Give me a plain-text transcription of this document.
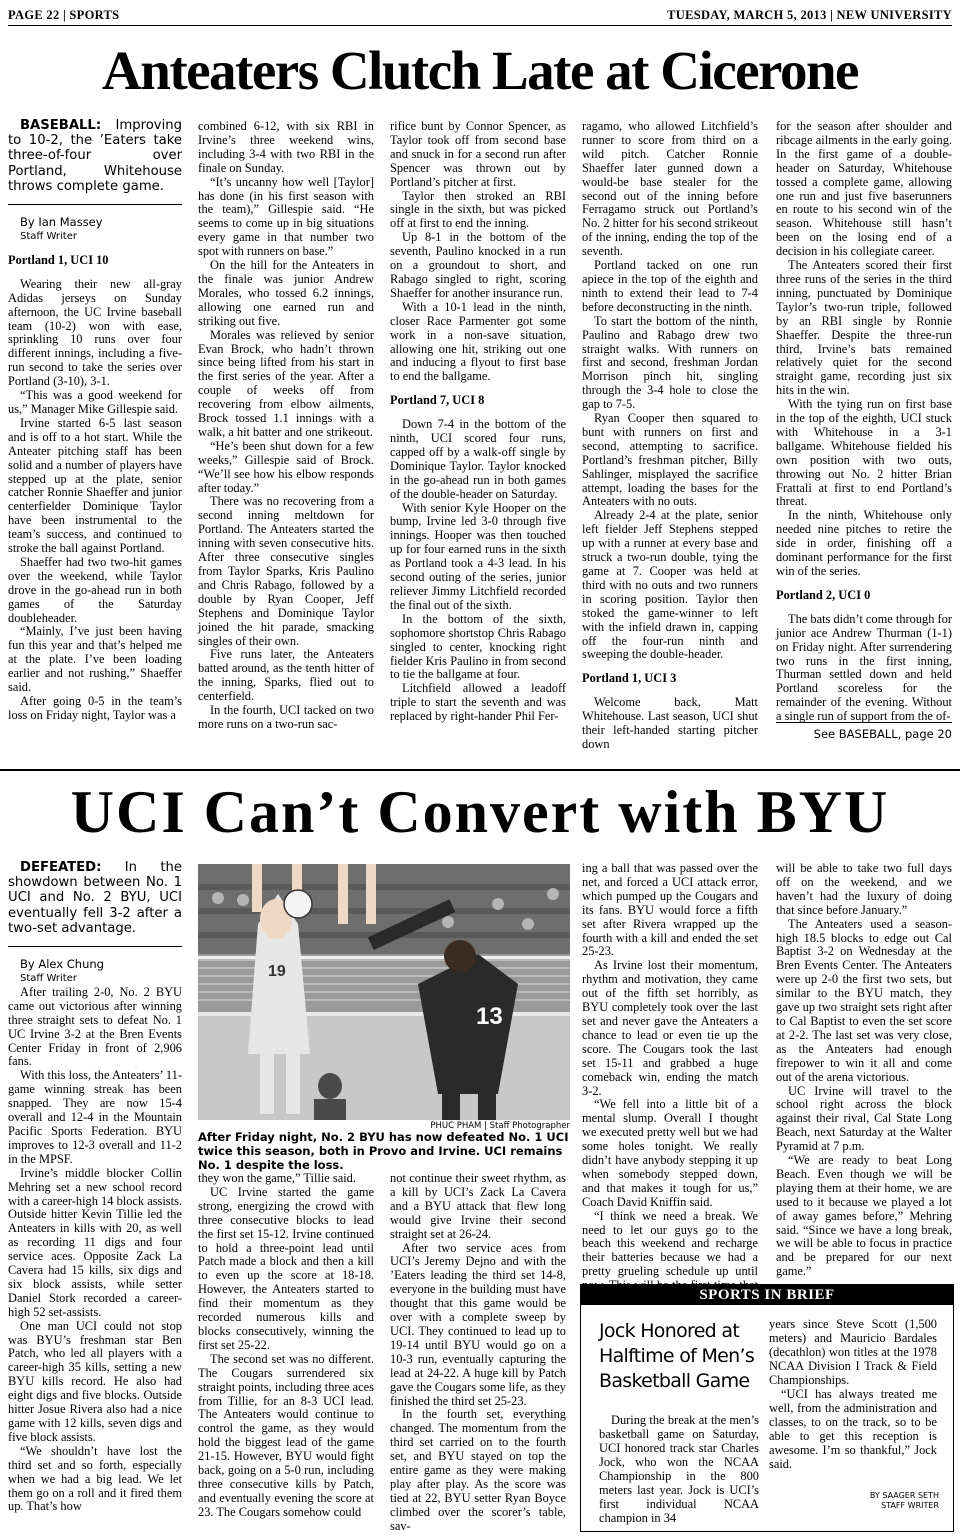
PAGE 22 | SPORTS	TUESDAY, MARCH 5, 2013 | NEW UNIVERSITY
Anteaters Clutch Late at Cicerone

BASEBALL: Improving to 10-2, the ’Eaters take three-of-four over Portland, Whitehouse throws complete game.

By Ian Massey

Staff Writer

Portland 1, UCI 10

Wearing their new all-gray Adidas jerseys on Sunday afternoon, the UC Irvine baseball team (10-2) won with ease, sprinkling 10 runs over four different innings, including a five-run second to take the series over Portland (3-10), 3-1.

“This was a good weekend for us,” Manager Mike Gillespie said.

Irvine started 6-5 last season and is off to a hot start. While the Anteater pitching staff has been solid and a number of players have stepped up at the plate, senior catcher Ronnie Shaeffer and junior centerfielder Dominique Taylor have been instrumental to the team’s success, and continued to stroke the ball against Portland.

Shaeffer had two two-hit games over the weekend, while Taylor drove in the go-ahead run in both games of the Saturday doubleheader.

“Mainly, I’ve just been having fun this year and that’s helped me at the plate. I’ve been loading earlier and not rushing,” Shaeffer said.

After going 0-5 in the team’s loss on Friday night, Taylor was a

combined 6-12, with six RBI in Irvine’s three weekend wins, including 3-4 with two RBI in the finale on Sunday.

“It’s uncanny how well [Taylor] has done (in his first season with the team),” Gillespie said. “He seems to come up in big situations every game in that number two spot with runners on base.”

On the hill for the Anteaters in the finale was junior Andrew Morales, who tossed 6.2 innings, allowing one earned run and striking out five.

Morales was relieved by senior Evan Brock, who hadn’t thrown since being lifted from his start in the first series of the year. After a couple of weeks off from recovering from elbow ailments, Brock tossed 1.1 innings with a walk, a hit batter and one strikeout.

“He’s been shut down for a few weeks,” Gillespie said of Brock. “We’ll see how his elbow responds after today.”

There was no recovering from a second inning meltdown for Portland. The Anteaters started the inning with seven consecutive hits. After three consecutive singles from Taylor Sparks, Kris Paulino and Chris Rabago, followed by a double by Ryan Cooper, Jeff Stephens and Dominique Taylor joined the hit parade, smacking singles of their own.

Five runs later, the Anteaters batted around, as the tenth hitter of the inning, Sparks, flied out to centerfield.

In the fourth, UCI tacked on two more runs on a two-run sac-

rifice bunt by Connor Spencer, as Taylor took off from second base and snuck in for a second run after Spencer was thrown out by Portland’s pitcher at first.

Taylor then stroked an RBI single in the sixth, but was picked off at first to end the inning.

Up 8-1 in the bottom of the seventh, Paulino knocked in a run on a groundout to short, and Rabago singled to right, scoring Shaeffer for another insurance run.

With a 10-1 lead in the ninth, closer Race Parmenter got some work in a non-save situation, allowing one hit, striking out one and inducing a flyout to first base to end the ballgame.

Portland 7, UCI 8

Down 7-4 in the bottom of the ninth, UCI scored four runs, capped off by a walk-off single by Dominique Taylor. Taylor knocked in the go-ahead run in both games of the double-header on Saturday.

With senior Kyle Hooper on the bump, Irvine led 3-0 through five innings. Hooper was then touched up for four earned runs in the sixth as Portland took a 4-3 lead. In his second outing of the series, junior reliever Jimmy Litchfield recorded the final out of the sixth.

In the bottom of the sixth, sophomore shortstop Chris Rabago singled to center, knocking right fielder Kris Paulino in from second to tie the ballgame at four.

Litchfield allowed a leadoff triple to start the seventh and was replaced by right-hander Phil Fer-

ragamo, who allowed Litchfield’s runner to score from third on a wild pitch. Catcher Ronnie Shaeffer later gunned down a would-be base stealer for the second out of the inning before Ferragamo struck out Portland’s No. 2 hitter for his second strikeout of the inning, ending the top of the seventh.

Portland tacked on one run apiece in the top of the eighth and ninth to extend their lead to 7-4 before deconstructing in the ninth.

To start the bottom of the ninth, Paulino and Rabago drew two straight walks. With runners on first and second, freshman Jordan Morrison pinch hit, singling through the 3-4 hole to close the gap to 7-5.

Ryan Cooper then squared to bunt with runners on first and second, attempting to sacrifice. Portland’s freshman pitcher, Billy Sahlinger, misplayed the sacrifice attempt, loading the bases for the Anteaters with no outs.

Already 2-4 at the plate, senior left fielder Jeff Stephens stepped up with a runner at every base and struck a two-run double, tying the game at 7. Cooper was held at third with no outs and two runners in scoring position. Taylor then stoked the game-winner to left with the infield drawn in, capping off the four-run ninth and sweeping the double-header.

Portland 1, UCI 3

Welcome back, Matt Whitehouse. Last season, UCI shut their left-handed starting pitcher down

for the season after shoulder and ribcage ailments in the early going. In the first game of a double-header on Saturday, Whitehouse tossed a complete game, allowing one run and just five baserunners en route to his second win of the season. Whitehouse still hasn’t been on the losing end of a decision in his collegiate career.

The Anteaters scored their first three runs of the series in the third inning, punctuated by Dominique Taylor’s two-run triple, followed by an RBI single by Ronnie Shaeffer. Despite the three-run third, Irvine’s bats remained relatively quiet for the second straight game, recording just six hits in the win.

With the tying run on first base in the top of the eighth, UCI stuck with Whitehouse in a 3-1 ballgame. Whitehouse fielded his own position with two outs, throwing out No. 2 hitter Brian Frattali at first to end Portland’s threat.

In the ninth, Whitehouse only needed nine pitches to retire the side in order, finishing off a dominant performance for the first win of the series.

Portland 2, UCI 0

The bats didn’t come through for junior ace Andrew Thurman (1-1) on Friday night. After surrendering two runs in the first inning, Thurman settled down and held Portland scoreless for the remainder of the evening. Without a single run of support from the of-

See BASEBALL, page 20
UCI Can’t Convert with BYU

DEFEATED: In the showdown between No. 1 UCI and No. 2 BYU, UCI eventually fell 3-2 after a two-set advantage.

By Alex Chung

Staff Writer

After trailing 2-0, No. 2 BYU came out victorious after winning three straight sets to defeat No. 1 UC Irvine 3-2 at the Bren Events Center Friday in front of 2,906 fans.

With this loss, the Anteaters’ 11-game winning streak has been snapped. They are now 15-4 overall and 12-4 in the Mountain Pacific Sports Federation. BYU improves to 12-3 overall and 11-2 in the MPSF.

Irvine’s middle blocker Collin Mehring set a new school record with a career-high 14 block assists. Outside hitter Kevin Tillie led the Anteaters in kills with 20, as well as recording 11 digs and four service aces. Opposite Zack La Cavera had 15 kills, six digs and six block assists, while setter Daniel Stork recorded a career-high 52 set-assists.

One man UCI could not stop was BYU’s freshman star Ben Patch, who led all players with a career-high 35 kills, setting a new BYU kills record. He also had eight digs and five blocks. Outside hitter Josue Rivera also had a nice game with 12 kills, seven digs and five block assists.

“We shouldn’t have lost the third set and so forth, especially when we had a big lead. We let them go on a roll and it fired them up. That’s how

19
13
PHUC PHAM | Staff Photographer
After Friday night, No. 2 BYU has now defeated No. 1 UCI twice this season, both in Provo and Irvine. UCI remains No. 1 despite the loss.

they won the game,” Tillie said.

UC Irvine started the game strong, energizing the crowd with three consecutive blocks to lead the first set 15-12. Irvine continued to hold a three-point lead until Patch made a block and then a kill to even up the score at 18-18. However, the Anteaters started to find their momentum as they recorded numerous kills and blocks consecutively, winning the first set 25-22.

The second set was no different. The Cougars surrendered six straight points, including three aces from Tillie, for an 8-3 UCI lead. The Anteaters would continue to control the game, as they would hold the biggest lead of the game 21-15. However, BYU would fight back, going on a 5-0 run, including three consecutive kills by Patch, and eventually evening the score at 23. The Cougars somehow could

not continue their sweet rhythm, as a kill by UCI’s Zack La Cavera and a BYU attack that flew long would give Irvine their second straight set at 26-24.

After two service aces from UCI’s Jeremy Dejno and with the ’Eaters leading the third set 14-8, everyone in the building must have thought that this game would be over with a complete sweep by UCI. They continued to lead up to 19-14 until BYU would go on a 10-3 run, eventually capturing the lead at 24-22. A huge kill by Patch gave the Cougars some life, as they finished the third set 25-23.

In the fourth set, everything changed. The momentum from the third set carried on to the fourth set, and BYU stayed on top the entire game as they were making play after play. As the score was tied at 22, BYU setter Ryan Boyce climbed over the scorer’s table, sav-

ing a ball that was passed over the net, and forced a UCI attack error, which pumped up the Cougars and its fans. BYU would force a fifth set after Rivera wrapped up the fourth with a kill and ended the set 25-23.

As Irvine lost their momentum, rhythm and motivation, they came out of the fifth set horribly, as BYU completely took over the last set and never gave the Anteaters a chance to lead or even tie up the score. The Cougars took the last set 15-11 and grabbed a huge comeback win, ending the match 3-2.

“We fell into a little bit of a mental slump. Overall I thought we executed pretty well but we had some holes tonight. We really didn’t have anybody stepping it up when somebody stepped down, and that makes it tough for us,” Coach David Kniffin said.

“I think we need a break. We need to let our guys go to the beach this weekend and recharge their batteries because we had a pretty grueling schedule up until

will be able to take two full days off on the weekend, and we haven’t had the luxury of doing that since before January.”

The Anteaters used a season-high 18.5 blocks to edge out Cal Baptist 3-2 on Wednesday at the Bren Events Center. The Anteaters were up 2-0 the first two sets, but similar to the BYU match, they gave up two straight sets right after to Cal Baptist to even the set score at 2-2. The last set was very close, as the Anteaters had enough firepower to win it all and come out of the arena victorious.

UC Irvine will travel to the school right across the block against their rival, Cal State Long Beach, next Saturday at the Walter Pyramid at 7 p.m.

“We are ready to beat Long Beach. Even though we will be playing them at their home, we are used to it because we played a lot of away games before,” Mehring said. “Since we have a long break, we will be able to focus in practice and be prepared for our next game.”

SPORTS IN BRIEF
Jock Honored at Halftime of Men’s Basketball Game

During the break at the men’s basketball game on Saturday, UCI honored track star Charles Jock, who won the NCAA Championship in the 800 meters last year. Jock is UCI’s first individual NCAA champion in 34

years since Steve Scott (1,500 meters) and Mauricio Bardales (decathlon) won titles at the 1978 NCAA Division I Track & Field Championships.

“UCI has always treated me well, from the administration and classes, to on the track, so to be able to get this reception is awesome. I’m so thankful,” Jock said.

BY SAAGER SETH
STAFF WRITER
